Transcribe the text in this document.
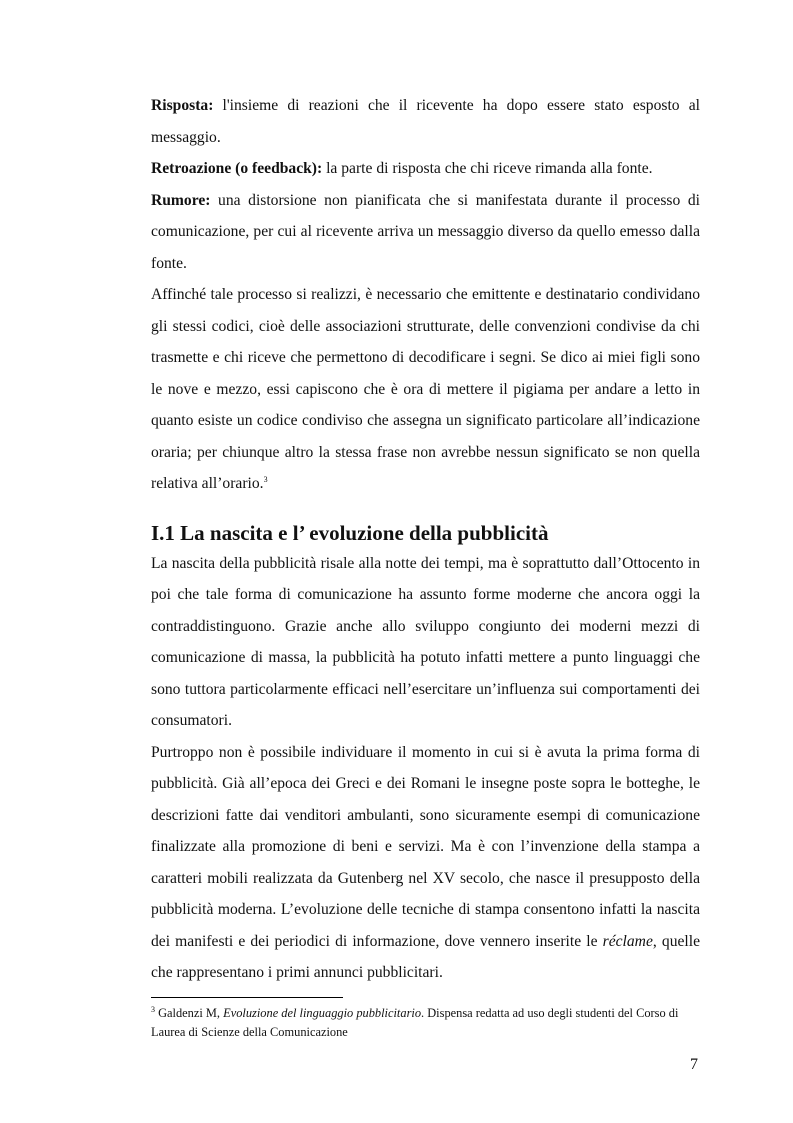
Risposta: l'insieme di reazioni che il ricevente ha dopo essere stato esposto al messaggio.

Retroazione (o feedback): la parte di risposta che chi riceve rimanda alla fonte.

Rumore: una distorsione non pianificata che si manifestata durante il processo di comunicazione, per cui al ricevente arriva un messaggio diverso da quello emesso dalla fonte.

Affinché tale processo si realizzi, è necessario che emittente e destinatario condividano gli stessi codici, cioè delle associazioni strutturate, delle convenzioni condivise da chi trasmette e chi riceve che permettono di decodificare i segni. Se dico ai miei figli sono le nove e mezzo, essi capiscono che è ora di mettere il pigiama per andare a letto in quanto esiste un codice condiviso che assegna un significato particolare all’indicazione oraria; per chiunque altro la stessa frase non avrebbe nessun significato se non quella relativa all’orario.$^3$

I.1 La nascita e l’ evoluzione della pubblicità

La nascita della pubblicità risale alla notte dei tempi, ma è soprattutto dall’Ottocento in poi che tale forma di comunicazione ha assunto forme moderne che ancora oggi la contraddistinguono. Grazie anche allo sviluppo congiunto dei moderni mezzi di comunicazione di massa, la pubblicità ha potuto infatti mettere a punto linguaggi che sono tuttora particolarmente efficaci nell’esercitare un’influenza sui comportamenti dei consumatori.

Purtroppo non è possibile individuare il momento in cui si è avuta la prima forma di pubblicità. Già all’epoca dei Greci e dei Romani le insegne poste sopra le botteghe, le descrizioni fatte dai venditori ambulanti, sono sicuramente esempi di comunicazione finalizzate alla promozione di beni e servizi. Ma è con l’invenzione della stampa a caratteri mobili realizzata da Gutenberg nel XV secolo, che nasce il presupposto della pubblicità moderna. L’evoluzione delle tecniche di stampa consentono infatti la nascita dei manifesti e dei periodici di informazione, dove vennero inserite le réclame, quelle che rappresentano i primi annunci pubblicitari.

$^3$ Galdenzi M, Evoluzione del linguaggio pubblicitario. Dispensa redatta ad uso degli studenti del Corso di Laurea di Scienze della Comunicazione

7
